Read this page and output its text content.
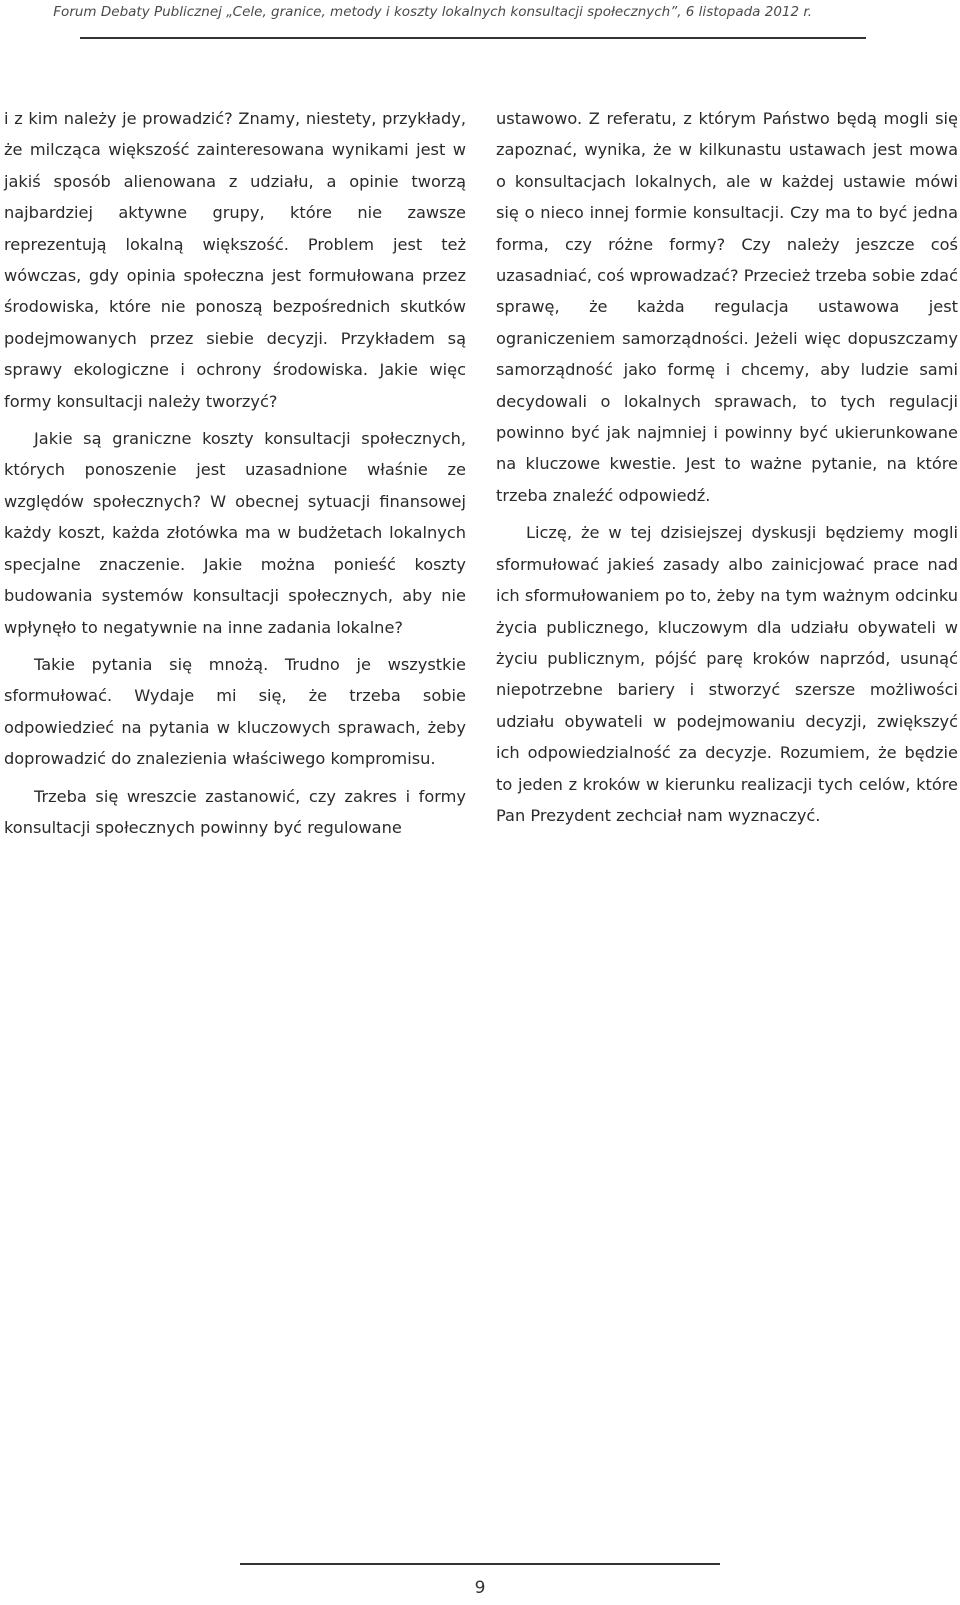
Forum Debaty Publicznej „Cele, granice, metody i koszty lokalnych konsultacji społecznych”, 6 listopada 2012 r.

i z kim należy je prowadzić? Znamy, niestety, przykłady, że milcząca większość zainteresowana wynikami jest w jakiś sposób alienowana z udziału, a opinie tworzą najbardziej aktywne grupy, które nie zawsze reprezentują lokalną większość. Problem jest też wówczas, gdy opinia społeczna jest formułowana przez środowiska, które nie ponoszą bezpośrednich skutków podejmowanych przez siebie decyzji. Przykładem są sprawy ekologiczne i ochrony środowiska. Jakie więc formy konsultacji należy tworzyć?

Jakie są graniczne koszty konsultacji społecznych, których ponoszenie jest uzasadnione właśnie ze względów społecznych? W obecnej sytuacji finansowej każdy koszt, każda złotówka ma w budżetach lokalnych specjalne znaczenie. Jakie można ponieść koszty budowania systemów konsultacji społecznych, aby nie wpłynęło to negatywnie na inne zadania lokalne?

Takie pytania się mnożą. Trudno je wszystkie sformułować. Wydaje mi się, że trzeba sobie odpowiedzieć na pytania w kluczowych sprawach, żeby doprowadzić do znalezienia właściwego kompromisu.

Trzeba się wreszcie zastanowić, czy zakres i formy konsultacji społecznych powinny być regulowane

ustawowo. Z referatu, z którym Państwo będą mogli się zapoznać, wynika, że w kilkunastu ustawach jest mowa o konsultacjach lokalnych, ale w każdej ustawie mówi się o nieco innej formie konsultacji. Czy ma to być jedna forma, czy różne formy? Czy należy jeszcze coś uzasadniać, coś wprowadzać? Przecież trzeba sobie zdać sprawę, że każda regulacja ustawowa jest ograniczeniem samorządności. Jeżeli więc dopuszczamy samorządność jako formę i chcemy, aby ludzie sami decydowali o lokalnych sprawach, to tych regulacji powinno być jak najmniej i powinny być ukierunkowane na kluczowe kwestie. Jest to ważne pytanie, na które trzeba znaleźć odpowiedź.

Liczę, że w tej dzisiejszej dyskusji będziemy mogli sformułować jakieś zasady albo zainicjować prace nad ich sformułowaniem po to, żeby na tym ważnym odcinku życia publicznego, kluczowym dla udziału obywateli w życiu publicznym, pójść parę kroków naprzód, usunąć niepotrzebne bariery i stworzyć szersze możliwości udziału obywateli w podejmowaniu decyzji, zwiększyć ich odpowiedzialność za decyzje. Rozumiem, że będzie to jeden z kroków w kierunku realizacji tych celów, które Pan Prezydent zechciał nam wyznaczyć.

9
